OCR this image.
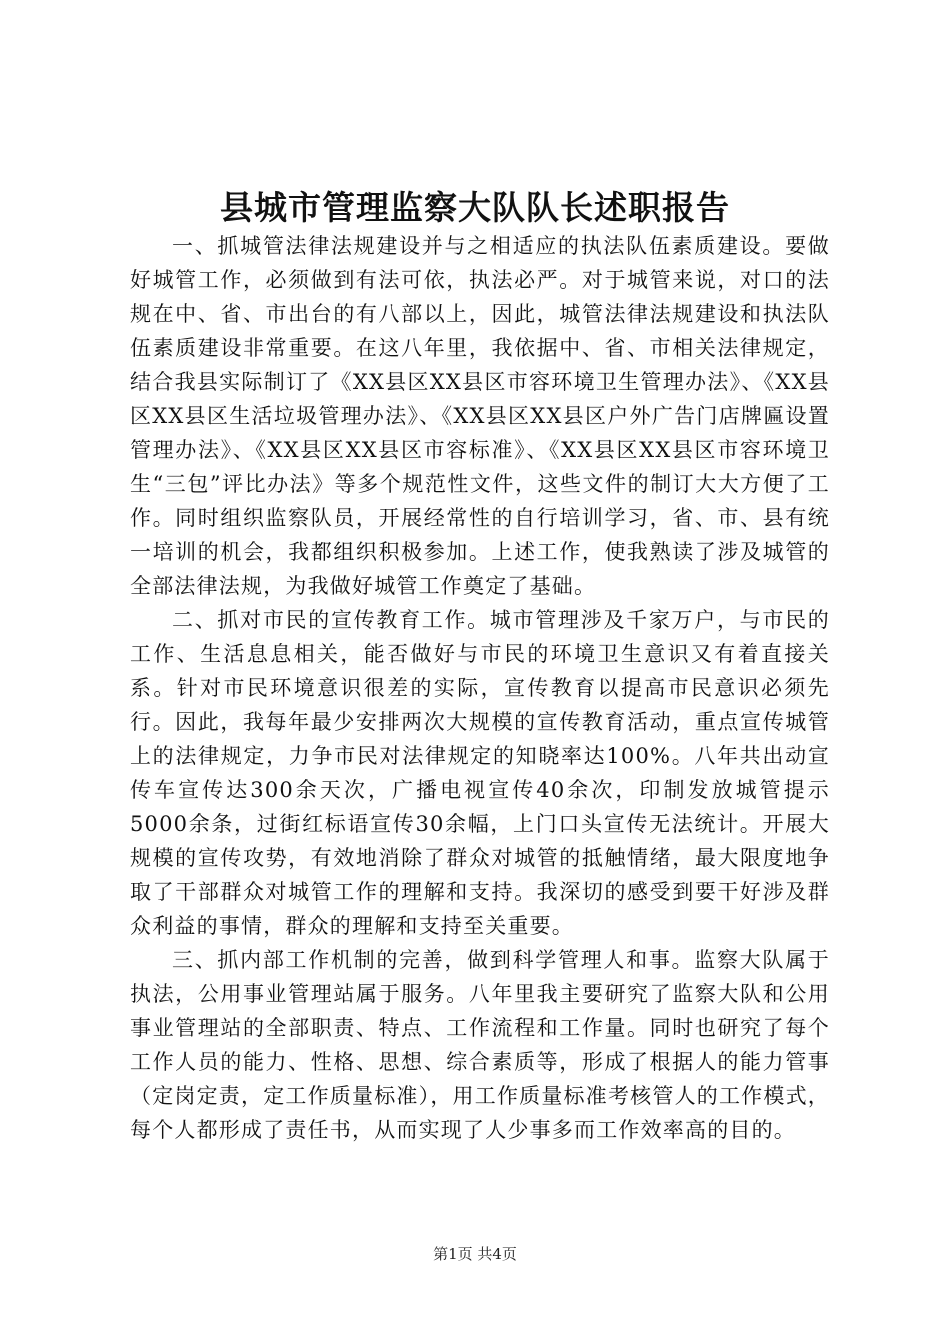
县城市管理监察大队队长述职报告

一、抓城管法律法规建设并与之相适应的执法队伍素质建设。要做好城管工作，必须做到有法可依，执法必严。对于城管来说，对口的法规在中、省、市出台的有八部以上，因此，城管法律法规建设和执法队伍素质建设非常重要。在这八年里，我依据中、省、市相关法律规定，结合我县实际制订了《XX县区XX县区市容环境卫生管理办法》、《XX县区XX县区生活垃圾管理办法》、《XX县区XX县区户外广告门店牌匾设置管理办法》、《XX县区XX县区市容标准》、《XX县区XX县区市容环境卫生“三包”评比办法》等多个规范性文件，这些文件的制订大大方便了工作。同时组织监察队员，开展经常性的自行培训学习，省、市、县有统一培训的机会，我都组织积极参加。上述工作，使我熟读了涉及城管的全部法律法规，为我做好城管工作奠定了基础。

二、抓对市民的宣传教育工作。城市管理涉及千家万户，与市民的工作、生活息息相关，能否做好与市民的环境卫生意识又有着直接关系。针对市民环境意识很差的实际，宣传教育以提高市民意识必须先行。因此，我每年最少安排两次大规模的宣传教育活动，重点宣传城管上的法律规定，力争市民对法律规定的知晓率达100%。八年共出动宣传车宣传达300余天次，广播电视宣传40余次，印制发放城管提示5000余条，过街红标语宣传30余幅，上门口头宣传无法统计。开展大规模的宣传攻势，有效地消除了群众对城管的抵触情绪，最大限度地争取了干部群众对城管工作的理解和支持。我深切的感受到要干好涉及群众利益的事情，群众的理解和支持至关重要。

三、抓内部工作机制的完善，做到科学管理人和事。监察大队属于执法，公用事业管理站属于服务。八年里我主要研究了监察大队和公用事业管理站的全部职责、特点、工作流程和工作量。同时也研究了每个工作人员的能力、性格、思想、综合素质等，形成了根据人的能力管事（定岗定责，定工作质量标准），用工作质量标准考核管人的工作模式，每个人都形成了责任书，从而实现了人少事多而工作效率高的目的。

第1页 共4页
